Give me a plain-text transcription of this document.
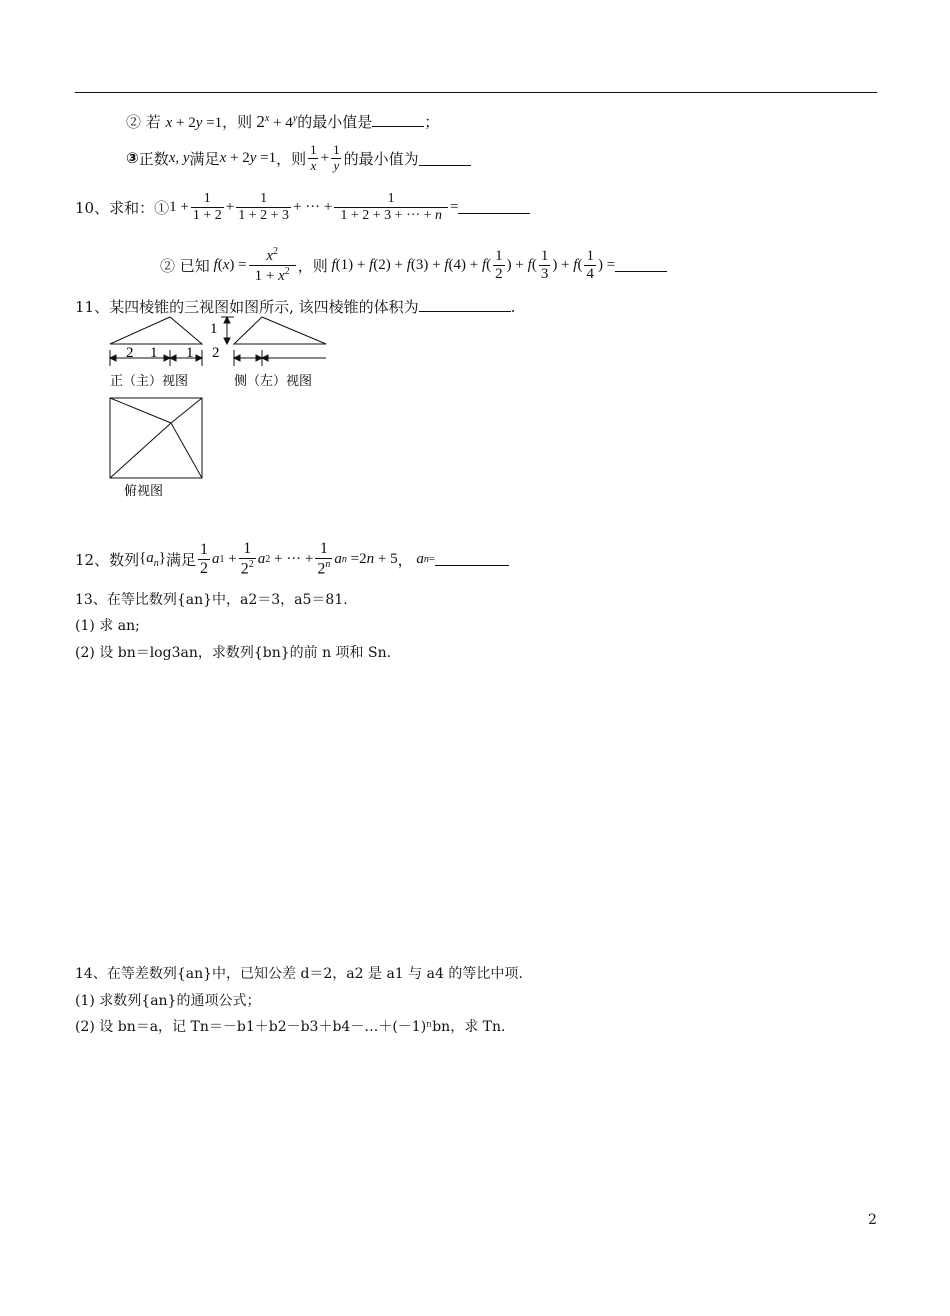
② 若 x + 2y =1，则 $2^x + 4^y$的最小值是	；
③ 正数 x, y 满足 x + 2 y =1 ，则 $\frac{1}{x} + \frac{1}{y}$ 的最小值为
10、求和：① $1 + \frac{1}{1 + 2} + \frac{1}{1 + 2 + 3}$ + ··· + $\frac{1}{1 + 2 + 3 + \cdot\cdot\cdot + n}$ =
② 已知 f ( x ) = $\frac{x^2}{1 + x^2}$ ，则 $f(1) + f(2) + f(3) + f(4) + f( \frac{1}{2}$ ) + $f( \frac{1}{3}$ ) + $f( \frac{1}{4}$ ) =
11、某四棱锥的三视图如图所示, 该四棱锥的体积为	.
2 1 1
1
2
正（主）视图	侧（左）视图
俯视图
12、数列 $\{a_n\}$ 满足 $\frac{1}{2}$ a $1 + \frac{1}{2^2}$ a 2 + ··· + $\frac{1}{2^n}$ a n =2n + 5 ， a n =
13、在等比数列{an}中，a2＝3，a5＝81.
(1) 求 an;
(2) 设 bn＝log3an，求数列{bn}的前 n 项和 Sn.
14、在等差数列{an}中，已知公差 d＝2，a2 是 a1 与 a4 的等比中项.
(1) 求数列{an}的通项公式；
(2) 设 bn＝a，记 Tn＝－b1＋b2－b3＋b4－…＋(－1)ⁿbn，求 Tn.
2
